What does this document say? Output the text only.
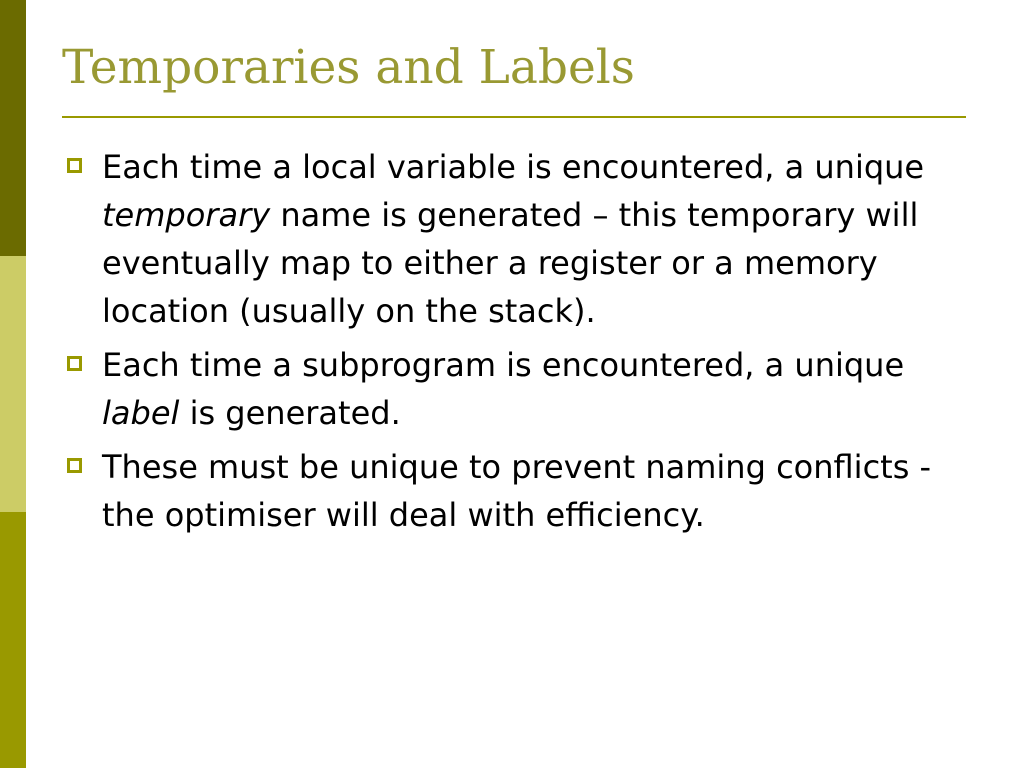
Temporaries and Labels
Each time a local variable is encountered, a unique temporary name is generated – this temporary will eventually map to either a register or a memory location (usually on the stack).
Each time a subprogram is encountered, a unique label is generated.
These must be unique to prevent naming conflicts - the optimiser will deal with efficiency.
